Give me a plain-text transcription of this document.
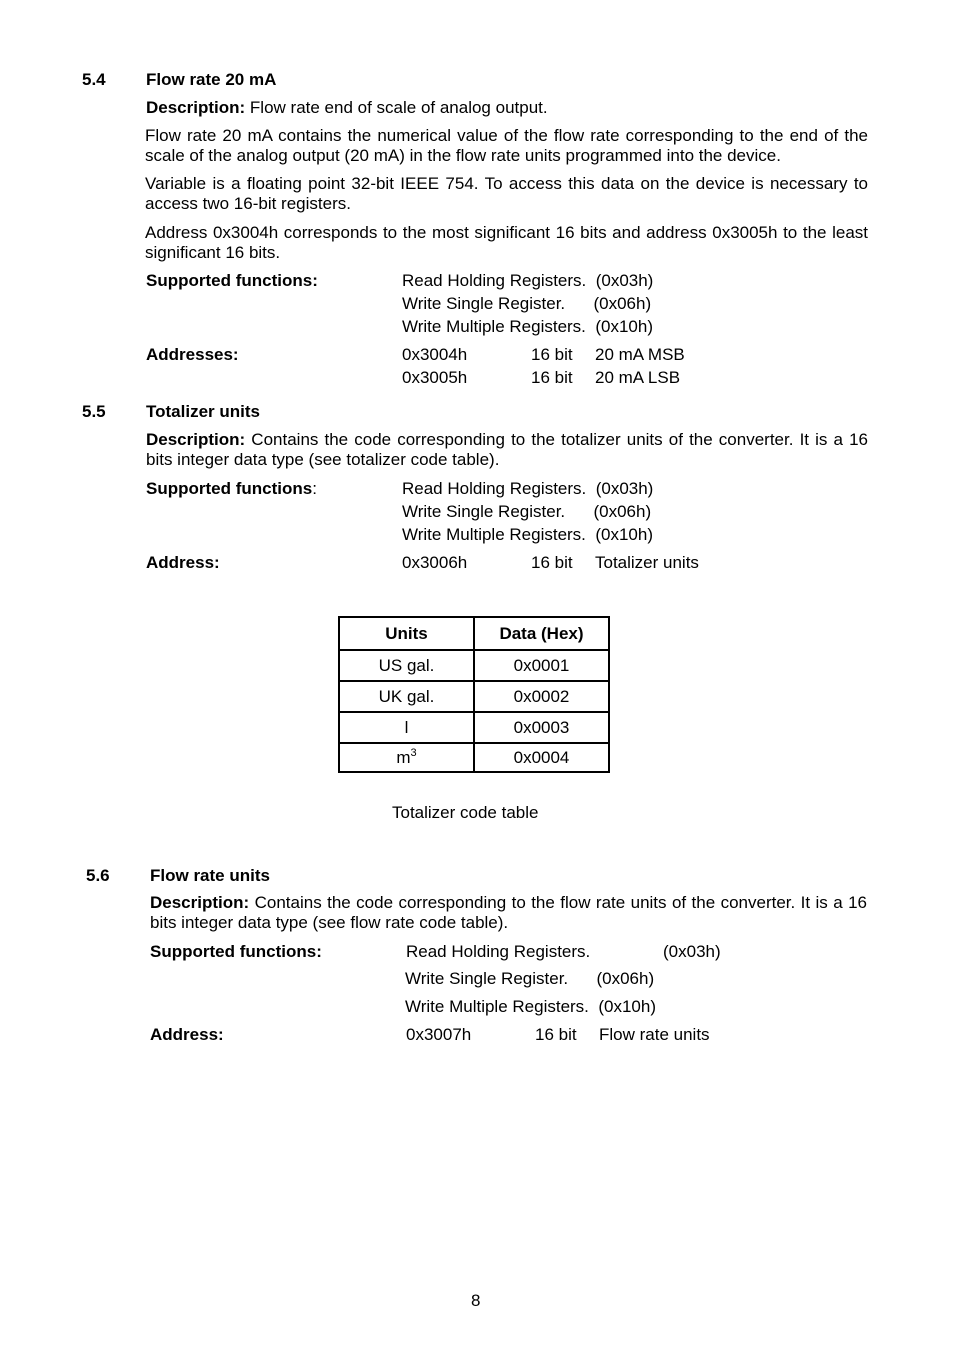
5.4 Flow rate 20 mA
Description: Flow rate end of scale of analog output.
Flow rate 20 mA contains the numerical value of the flow rate corresponding to the end of the scale of the analog output (20 mA) in the flow rate units programmed into the device.
Variable is a floating point 32-bit IEEE 754. To access this data on the device is necessary to access two 16-bit registers.
Address 0x3004h corresponds to the most significant 16 bits and address 0x3005h to the least significant 16 bits.
Supported functions:	Read Holding Registers.  (0x03h)
Write Single Register.      (0x06h)
Write Multiple Registers.  (0x10h)
Addresses:	0x3004h	16 bit 20 mA MSB
0x3005h	16 bit 20 mA LSB
5.5 Totalizer units
Description: Contains the code corresponding to the totalizer units of the converter. It is a 16 bits integer data type (see totalizer code table).
Supported functions:	Read Holding Registers.  (0x03h)
Write Single Register.      (0x06h)
Write Multiple Registers.  (0x10h)
Address:	0x3006h	16 bit Totalizer units
Units	Data (Hex)
US gal.	0x0001
UK gal.	0x0002
l	0x0003
$m^3$	0x0004
Totalizer code table
5.6 Flow rate units
Description: Contains the code corresponding to the flow rate units of the converter. It is a 16 bits integer data type (see flow rate code table).
Supported functions:	Read Holding Registers.	(0x03h)
Write Single Register.      (0x06h)
Write Multiple Registers.  (0x10h)
Address:	0x3007h	16 bit Flow rate units
8
